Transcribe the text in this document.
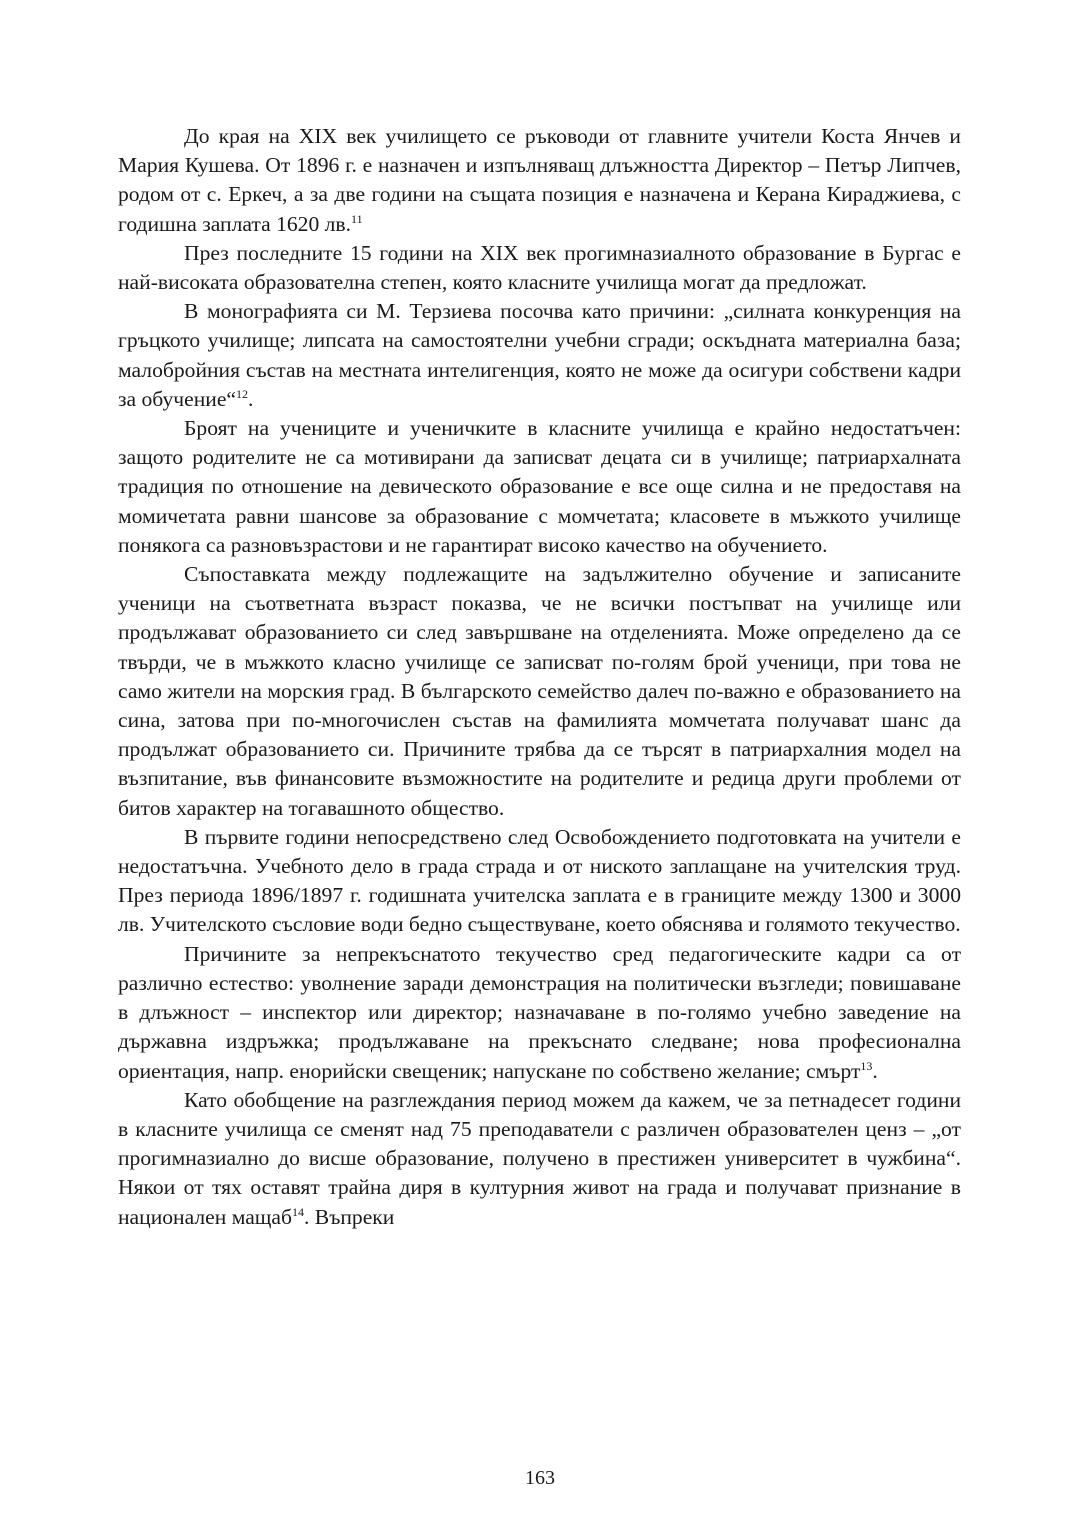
До края на XIX век училището се ръководи от главните учители Коста Янчев и Мария Кушева. От 1896 г. е назначен и изпълняващ длъжността Директор – Петър Липчев, родом от с. Еркеч, а за две години на същата позиция е назначена и Керана Кираджиева, с годишна заплата 1620 лв.$^{11}$

През последните 15 години на XIX век прогимназиалното образование в Бургас е най-високата образователна степен, която класните училища могат да предложат.

В монографията си М. Терзиева посочва като причини: „силната конкуренция на гръцкото училище; липсата на самостоятелни учебни сгради; оскъдната материална база; малобройния състав на местната интелигенция, която не може да осигури собствени кадри за обучение“$^{12}$.

Броят на учениците и ученичките в класните училища е крайно недостатъчен: защото родителите не са мотивирани да записват децата си в училище; патриархалната традиция по отношение на девическото образование е все още силна и не предоставя на момичетата равни шансове за образование с момчетата; класовете в мъжкото училище понякога са разновъзрастови и не гарантират високо качество на обучението.

Съпоставката между подлежащите на задължително обучение и записаните ученици на съответната възраст показва, че не всички постъпват на училище или продължават образованието си след завършване на отделенията. Може определено да се твърди, че в мъжкото класно училище се записват по-голям брой ученици, при това не само жители на морския град. В българското семейство далеч по-важно е образованието на сина, затова при по-многочислен състав на фамилията момчетата получават шанс да продължат образованието си. Причините трябва да се търсят в патриархалния модел на възпитание, във финансовите възможностите на родителите и редица други проблеми от битов характер на тогавашното общество.

В първите години непосредствено след Освобождението подготовката на учители е недостатъчна. Учебното дело в града страда и от ниското заплащане на учителския труд. През периода 1896/1897 г. годишната учителска заплата е в границите между 1300 и 3000 лв. Учителското съсловие води бедно съществуване, което обяснява и голямото текучество.

Причините за непрекъснатото текучество сред педагогическите кадри са от различно естество: уволнение заради демонстрация на политически възгледи; повишаване в длъжност – инспектор или директор; назначаване в по-голямо учебно заведение на държавна издръжка; продължаване на прекъснато следване; нова професионална ориентация, напр. енорийски свещеник; напускане по собствено желание; смърт$^{13}$.

Като обобщение на разглеждания период можем да кажем, че за петнадесет години в класните училища се сменят над 75 преподаватели с различен образователен ценз – „от прогимназиално до висше образование, получено в престижен университет в чужбина“. Някои от тях оставят трайна диря в културния живот на града и получават признание в национален мащаб$^{14}$. Въпреки

163
